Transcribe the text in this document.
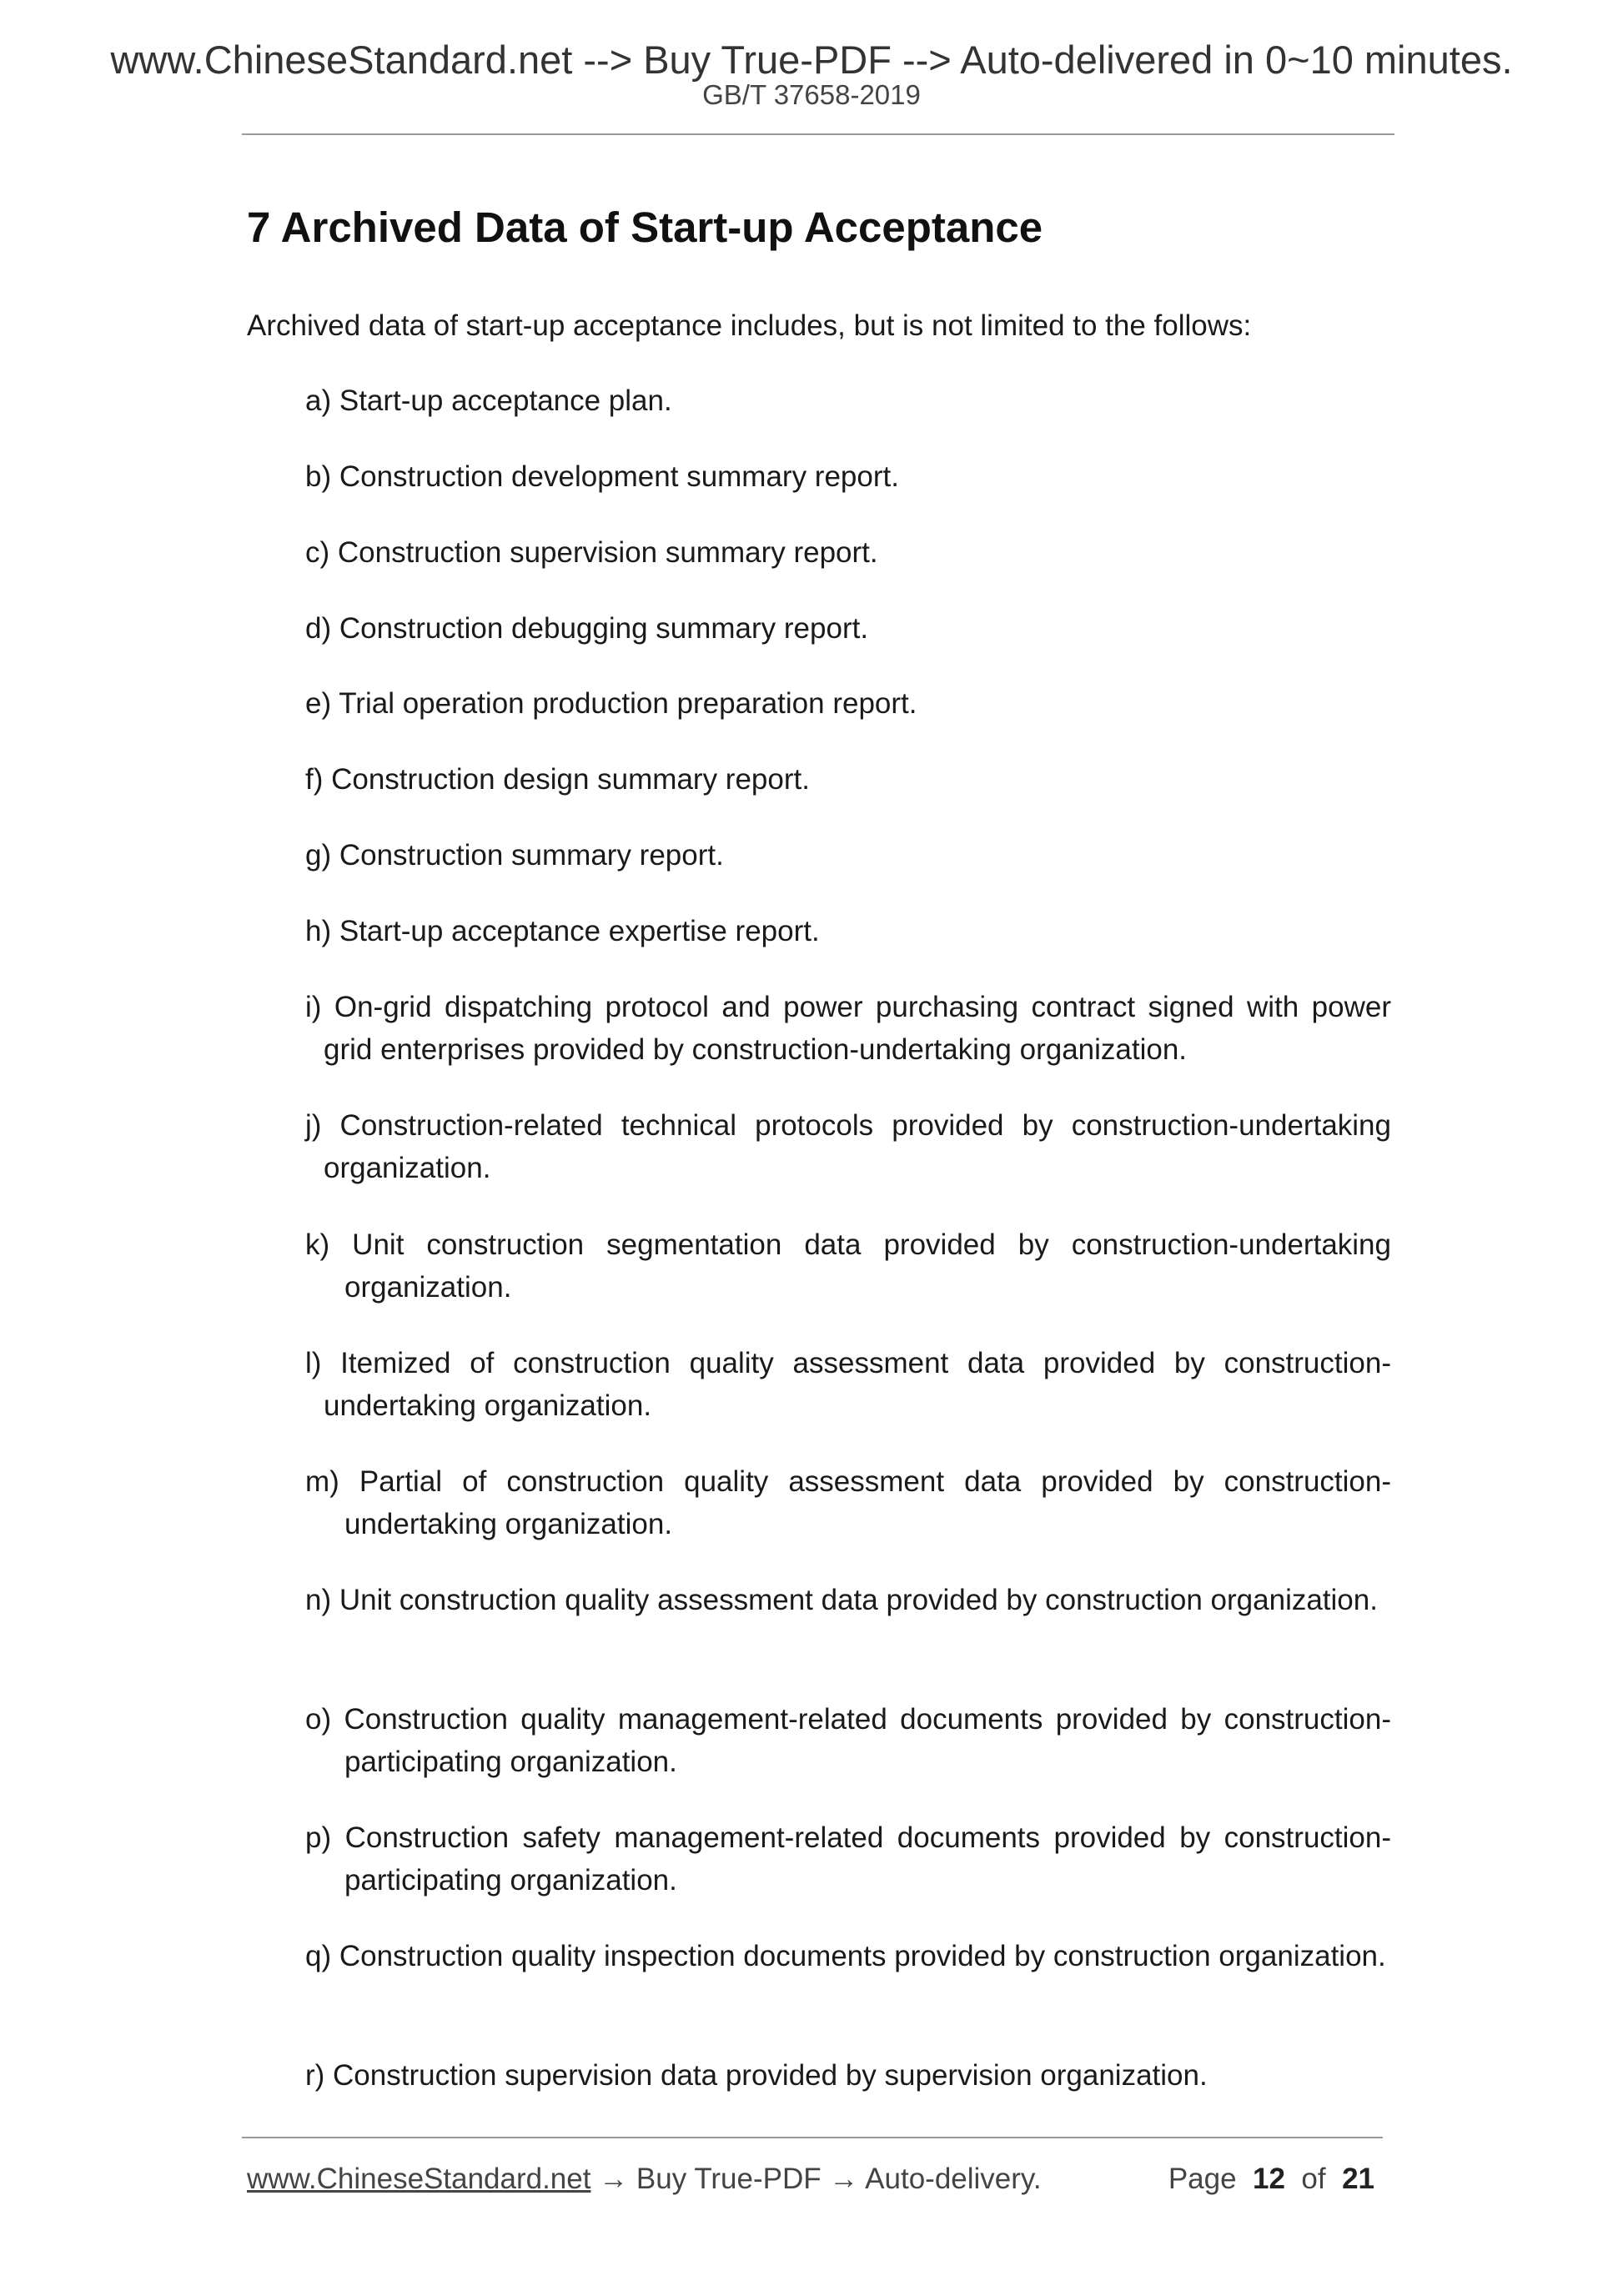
www.ChineseStandard.net --> Buy True-PDF --> Auto-delivered in 0~10 minutes.
GB/T 37658-2019
7 Archived Data of Start-up Acceptance

Archived data of start-up acceptance includes, but is not limited to the follows:

a) Start-up acceptance plan.
b) Construction development summary report.
c) Construction supervision summary report.
d) Construction debugging summary report.
e) Trial operation production preparation report.
f) Construction design summary report.
g) Construction summary report.
h) Start-up acceptance expertise report.
i) On-grid dispatching protocol and power purchasing contract signed with power grid enterprises provided by construction-undertaking organization.
j) Construction-related technical protocols provided by construction-undertaking organization.
k) Unit construction segmentation data provided by construction-undertaking organization.
l) Itemized of construction quality assessment data provided by construction-undertaking organization.
m) Partial of construction quality assessment data provided by construction-undertaking organization.
n) Unit construction quality assessment data provided by construction organization.
o) Construction quality management-related documents provided by construction-participating organization.
p) Construction safety management-related documents provided by construction-participating organization.
q) Construction quality inspection documents provided by construction organization.
r) Construction supervision data provided by supervision organization.
www.ChineseStandard.net → Buy True-PDF → Auto-delivery.	Page 12 of 21
